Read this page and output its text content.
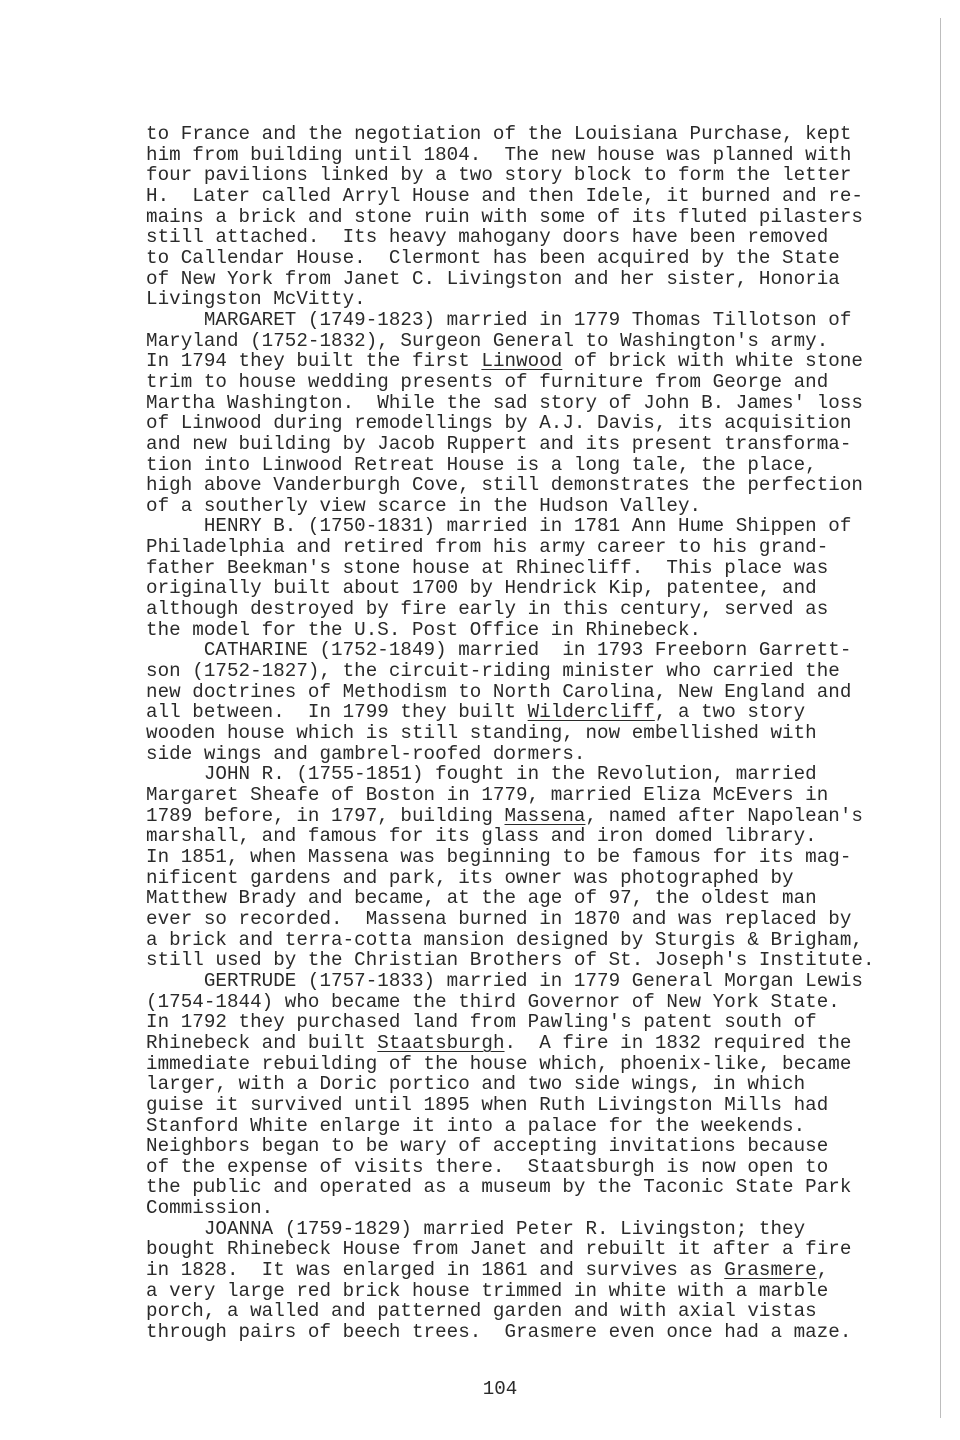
to France and the negotiation of the Louisiana Purchase, kept
him from building until 1804.  The new house was planned with
four pavilions linked by a two story block to form the letter
H.  Later called Arryl House and then Idele, it burned and re-
mains a brick and stone ruin with some of its fluted pilasters
still attached.  Its heavy mahogany doors have been removed
to Callendar House.  Clermont has been acquired by the State
of New York from Janet C. Livingston and her sister, Honoria
Livingston McVitty.
MARGARET (1749-1823) married in 1779 Thomas Tillotson of
Maryland (1752-1832), Surgeon General to Washington's army.
In 1794 they built the first Linwood of brick with white stone
trim to house wedding presents of furniture from George and
Martha Washington.  While the sad story of John B. James' loss
of Linwood during remodellings by A.J. Davis, its acquisition
and new building by Jacob Ruppert and its present transforma-
tion into Linwood Retreat House is a long tale, the place,
high above Vanderburgh Cove, still demonstrates the perfection
of a southerly view scarce in the Hudson Valley.
HENRY B. (1750-1831) married in 1781 Ann Hume Shippen of
Philadelphia and retired from his army career to his grand-
father Beekman's stone house at Rhinecliff.  This place was
originally built about 1700 by Hendrick Kip, patentee, and
although destroyed by fire early in this century, served as
the model for the U.S. Post Office in Rhinebeck.
CATHARINE (1752-1849) married  in 1793 Freeborn Garrett-
son (1752-1827), the circuit-riding minister who carried the
new doctrines of Methodism to North Carolina, New England and
all between.  In 1799 they built Wildercliff, a two story
wooden house which is still standing, now embellished with
side wings and gambrel-roofed dormers.
JOHN R. (1755-1851) fought in the Revolution, married
Margaret Sheafe of Boston in 1779, married Eliza McEvers in
1789 before, in 1797, building Massena, named after Napolean's
marshall, and famous for its glass and iron domed library.
In 1851, when Massena was beginning to be famous for its mag-
nificent gardens and park, its owner was photographed by
Matthew Brady and became, at the age of 97, the oldest man
ever so recorded.  Massena burned in 1870 and was replaced by
a brick and terra-cotta mansion designed by Sturgis & Brigham,
still used by the Christian Brothers of St. Joseph's Institute.
GERTRUDE (1757-1833) married in 1779 General Morgan Lewis
(1754-1844) who became the third Governor of New York State.
In 1792 they purchased land from Pawling's patent south of
Rhinebeck and built Staatsburgh.  A fire in 1832 required the
immediate rebuilding of the house which, phoenix-like, became
larger, with a Doric portico and two side wings, in which
guise it survived until 1895 when Ruth Livingston Mills had
Stanford White enlarge it into a palace for the weekends.
Neighbors began to be wary of accepting invitations because
of the expense of visits there.  Staatsburgh is now open to
the public and operated as a museum by the Taconic State Park
Commission.
JOANNA (1759-1829) married Peter R. Livingston; they
bought Rhinebeck House from Janet and rebuilt it after a fire
in 1828.  It was enlarged in 1861 and survives as Grasmere,
a very large red brick house trimmed in white with a marble
porch, a walled and patterned garden and with axial vistas
through pairs of beech trees.  Grasmere even once had a maze.
104
